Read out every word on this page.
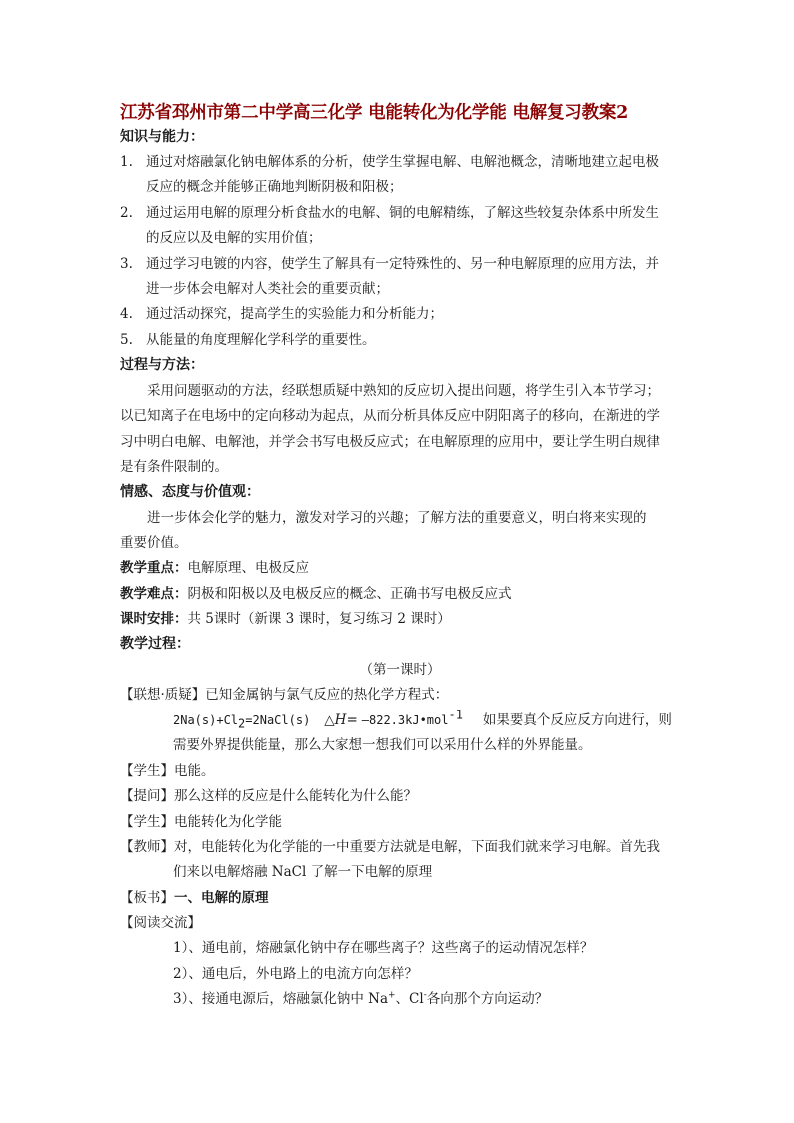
江苏省邳州市第二中学高三化学 电能转化为化学能 电解复习教案2
知识与能力：
1. 通过对熔融氯化钠电解体系的分析，使学生掌握电解、电解池概念，清晰地建立起电极
反应的概念并能够正确地判断阴极和阳极；
2. 通过运用电解的原理分析食盐水的电解、铜的电解精练，了解这些较复杂体系中所发生
的反应以及电解的实用价值；
3. 通过学习电镀的内容，使学生了解具有一定特殊性的、另一种电解原理的应用方法，并
进一步体会电解对人类社会的重要贡献；
4. 通过活动探究，提高学生的实验能力和分析能力；
5. 从能量的角度理解化学科学的重要性。
过程与方法：
采用问题驱动的方法，经联想质疑中熟知的反应切入提出问题，将学生引入本节学习；
以已知离子在电场中的定向移动为起点，从而分析具体反应中阴阳离子的移向，在渐进的学
习中明白电解、电解池，并学会书写电极反应式；在电解原理的应用中，要让学生明白规律
是有条件限制的。
情感、态度与价值观：
进一步体会化学的魅力，激发对学习的兴趣；了解方法的重要意义，明白将来实现的
重要价值。
教学重点：电解原理、电极反应
教学难点：阴极和阳极以及电极反应的概念、正确书写电极反应式
课时安排：共 5课时（新课 3 课时，复习练习 2 课时）
教学过程：
（第一课时）
【联想·质疑】已知金属钠与氯气反应的热化学方程式：
$2Na(s)+Cl_2=2NaCl(s)$ △H= —822.3kJ•mol$^{-1}$ 如果要真个反应反方向进行，则
需要外界提供能量，那么大家想一想我们可以采用什么样的外界能量。
【学生】电能。
【提问】那么这样的反应是什么能转化为什么能？
【学生】电能转化为化学能
【教师】对，电能转化为化学能的一中重要方法就是电解，下面我们就来学习电解。首先我
们来以电解熔融 NaCl 了解一下电解的原理
【板书】一、电解的原理
【阅读交流】
1）、通电前，熔融氯化钠中存在哪些离子？这些离子的运动情况怎样？
2）、通电后，外电路上的电流方向怎样？
3）、接通电源后，熔融氯化钠中 Na+、Cl-各向那个方向运动？
